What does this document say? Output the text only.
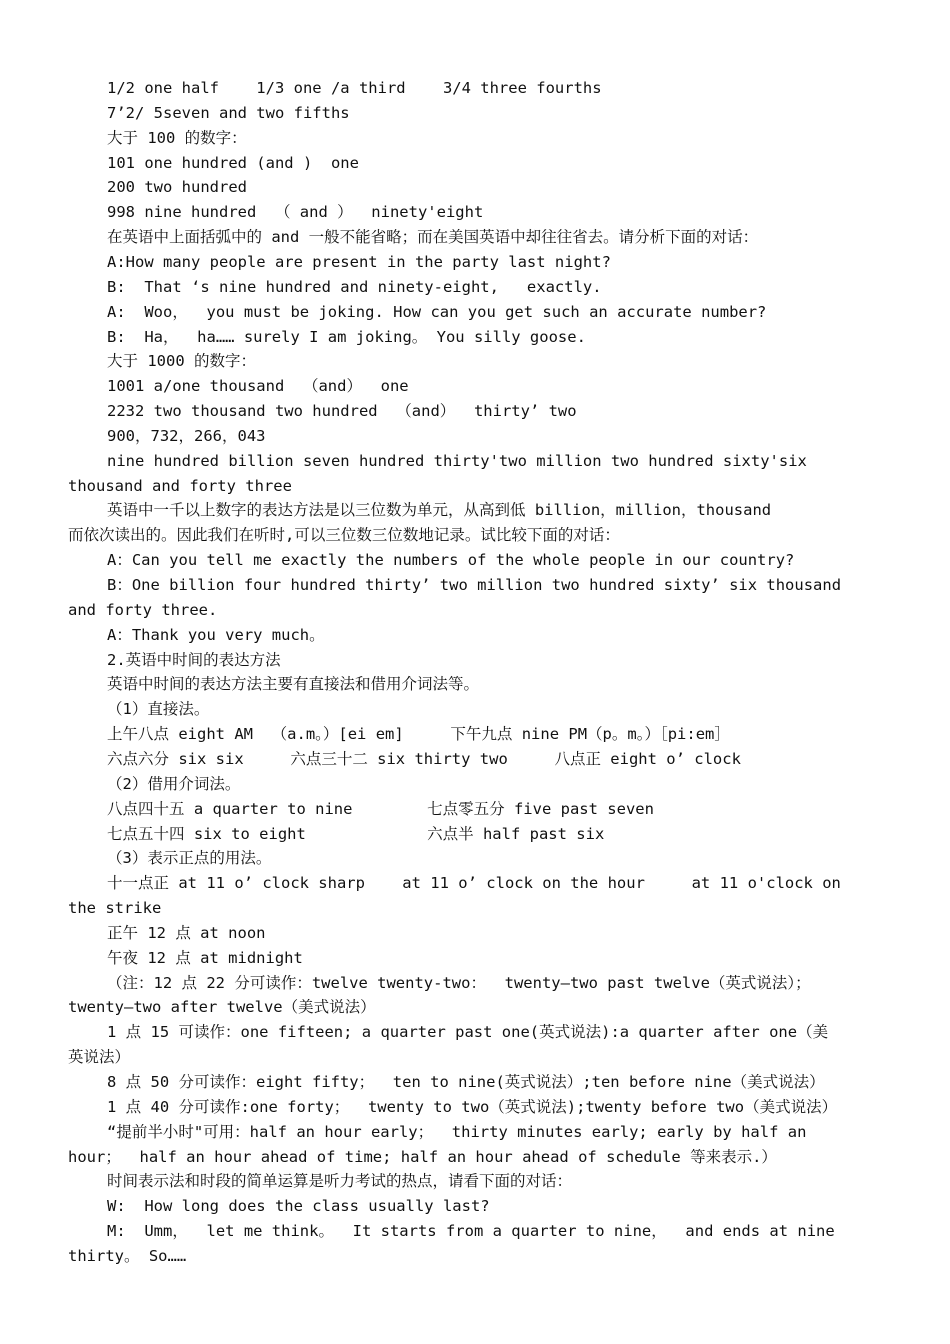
1/2 one half    1/3 one /a third    3/4 three fourths
7’2/ 5seven and two fifths
大于 100 的数字：
101 one hundred (and )  one
200 two hundred
998 nine hundred  （ and ）  ninety'eight
在英语中上面括弧中的 and 一般不能省略；而在美国英语中却往往省去。请分析下面的对话：
A:How many people are present in the party last night?
B:  That ‘s nine hundred and ninety-eight,   exactly.
A:  Woo，  you must be joking. How can you get such an accurate number?
B:  Ha，  ha…… surely I am joking。 You silly goose.
大于 1000 的数字：
1001 a/one thousand  （and）  one
2232 two thousand two hundred  （and）  thirty’ two
900，732，266，043
nine hundred billion seven hundred thirty'two million two hundred sixty'six
thousand and forty three
英语中一千以上数字的表达方法是以三位数为单元，从高到低 billion，million，thousand
而依次读出的。因此我们在听时,可以三位数三位数地记录。试比较下面的对话：
A：Can you tell me exactly the numbers of the whole people in our country?
B：One billion four hundred thirty’ two million two hundred sixty’ six thousand
and forty three.
A：Thank you very much。
2.英语中时间的表达方法
英语中时间的表达方法主要有直接法和借用介词法等。
（1）直接法。
上午八点 eight AM  （a.m。）[ei em]     下午九点 nine PM（p。m。）［pi:em］
六点六分 six six     六点三十二 six thirty two     八点正 eight o’ clock
（2）借用介词法。
八点四十五 a quarter to nine        七点零五分 five past seven
七点五十四 six to eight             六点半 half past six
（3）表示正点的用法。
十一点正 at 11 o’ clock sharp    at 11 o’ clock on the hour     at 11 o'clock on
the strike
正午 12 点 at noon
午夜 12 点 at midnight
（注：12 点 22 分可读作：twelve twenty-two：  twenty—two past twelve（英式说法）；
twenty—two after twelve（美式说法）
1 点 15 可读作：one fifteen; a quarter past one(英式说法):a quarter after one（美
英说法）
8 点 50 分可读作：eight fifty；  ten to nine(英式说法）;ten before nine（美式说法）
1 点 40 分可读作:one forty；  twenty to two（英式说法);twenty before two（美式说法）
“提前半小时"可用：half an hour early；  thirty minutes early; early by half an
hour；  half an hour ahead of time; half an hour ahead of schedule 等来表示.）
时间表示法和时段的简单运算是听力考试的热点，请看下面的对话：
W:  How long does the class usually last?
M:  Umm，  let me think。  It starts from a quarter to nine，  and ends at nine
thirty。 So……
